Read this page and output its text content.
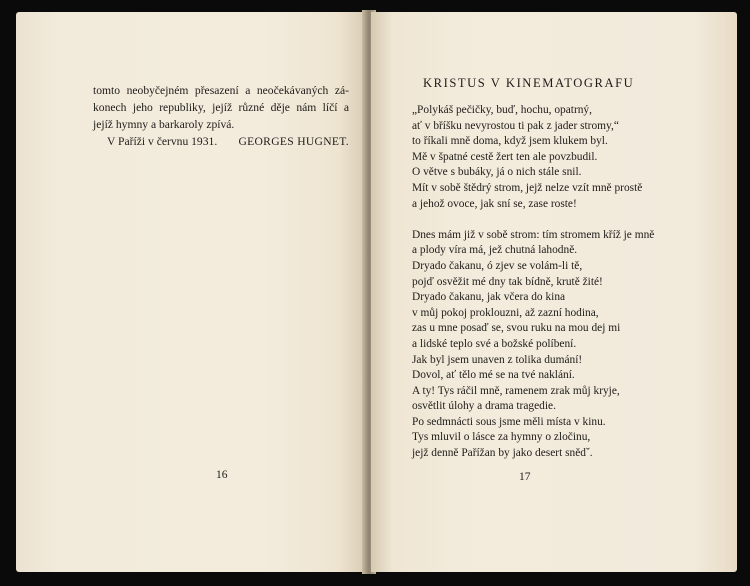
tomto neobyčejném přesazení a neočekávaných zá-
konech jeho republiky, jejíž různé děje nám líčí a
jejíž hymny a barkaroly zpívá.
V Paříži v červnu 1931. GEORGES HUGNET.
16
KRISTUS V KINEMATOGRAFU
„Polykáš pečičky, buď, hochu, opatrný,
ať v bříšku nevyrostou ti pak z jader stromy,“
to říkali mně doma, když jsem klukem byl.
Mě v špatné cestě žert ten ale povzbudil.
O větve s bubáky, já o nich stále snil.
Mít v sobě štědrý strom, jejž nelze vzít mně prostě
a jehož ovoce, jak sní se, zase roste!
Dnes mám již v sobě strom: tím stromem kříž je mně
a plody víra má, jež chutná lahodně.
Dryado čakanu, ó zjev se volám-li tě,
pojď osvěžit mé dny tak bídně, krutě žité!
Dryado čakanu, jak včera do kina
v můj pokoj proklouzni, až zazní hodina,
zas u mne posaď se, svou ruku na mou dej mi
a lidské teplo své a božské políbení.
Jak byl jsem unaven z tolika dumání!
Dovol, ať tělo mé se na tvé naklání.
A ty! Tys ráčil mně, ramenem zrak můj kryje,
osvětlit úlohy a drama tragedie.
Po sedmnácti sous jsme měli místa v kinu.
Tys mluvil o lásce za hymny o zločinu,
jejž denně Pařížan by jako desert snědˇ.
17
